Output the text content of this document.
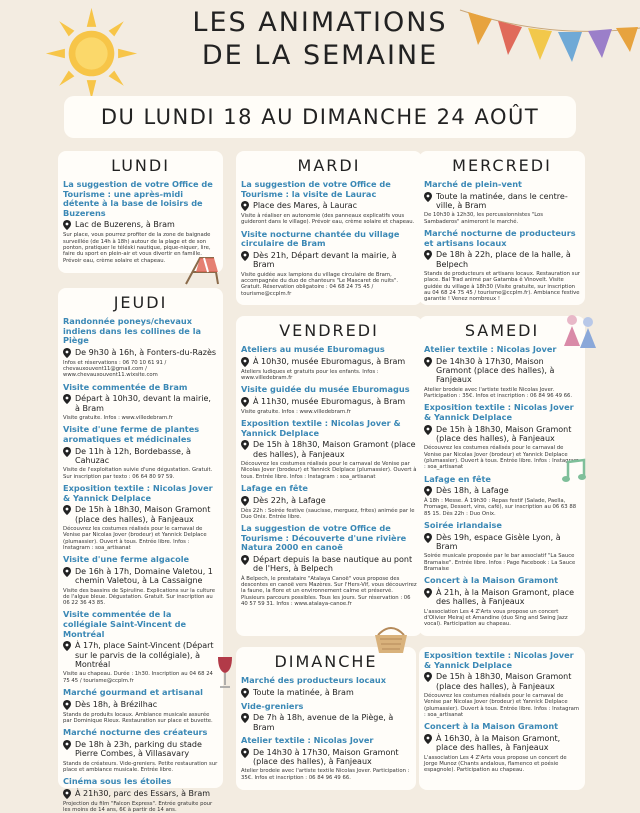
LES ANIMATIONS
DE LA SEMAINE
DU LUNDI 18 AU DIMANCHE 24 AOÛT
LUNDI
La suggestion de votre Office de Tourisme : une après-midi détente à la base de loisirs de Buzerens
Lac de Buzerens, à Bram
Sur place, vous pourrez profiter de la zone de baignade surveillée (de 14h à 18h) autour de la plage et de son ponton, pratiquer le téléski nautique, pique-niquer, lire, faire du sport en plein-air et vous divertir en famille. Prévoir eau, crème solaire et chapeau.
JEUDI
Randonnée poneys/chevaux indiens dans les collines de la Piège
De 9h30 à 16h, à Fonters-du-Razès
Infos et réservations : 06 70 10 61 91 / chevauxouvent11@gmail.com / www.chevauxouvent11.wixsite.com
Visite commentée de Bram
Départ à 10h30, devant la mairie, à Bram
Visite gratuite. Infos : www.villedebram.fr
Visite d'une ferme de plantes aromatiques et médicinales
De 11h à 12h, Bordebasse, à Cahuzac
Visite de l'exploitation suivie d'une dégustation. Gratuit. Sur inscription par texto : 06 64 80 97 59.
Exposition textile : Nicolas Jover & Yannick Delplace
De 15h à 18h30, Maison Gramont (place des halles), à Fanjeaux
Découvrez les costumes réalisés pour le carnaval de Venise par Nicolas Jover (brodeur) et Yannick Delplace (plumassier). Ouvert à tous. Entrée libre. Infos : Instagram : soa_artisanat
Visite d'une ferme algacole
De 16h à 17h, Domaine Valetou, 1 chemin Valetou, à La Cassaigne
Visite des bassins de Spiruline. Explications sur la culture de l'algue bleue. Dégustation. Gratuit. Sur inscription au 06 22 36 43 85.
Visite commentée de la collégiale Saint-Vincent de Montréal
À 17h, place Saint-Vincent (Départ sur le parvis de la collégiale), à Montréal
Visite au chapeau. Durée : 1h30. Inscription au 04 68 24 75 45 / tourisme@ccplm.fr
Marché gourmand et artisanal
Dès 18h, à Brézilhac
Stands de produits locaux. Ambiance musicale assurée par Dominique Rieux. Restauration sur place et buvette.
Marché nocturne des créateurs
De 18h à 23h, parking du stade Pierre Combes, à Villasavary
Stands de créateurs. Vide-greniers. Petite restauration sur place et ambiance musicale. Entrée libre.
Cinéma sous les étoiles
À 21h30, parc des Essars, à Bram
Projection du film "Falcon Express". Entrée gratuite pour les moins de 14 ans, 6€ à partir de 14 ans.
MARDI
La suggestion de votre Office de Tourisme : la visite de Laurac
Place des Mares, à Laurac
Visite à réaliser en autonomie (des panneaux explicatifs vous guideront dans le village). Prévoir eau, crème solaire et chapeau.
Visite nocturne chantée du village circulaire de Bram
Dès 21h, Départ devant la mairie, à Bram
Visite guidée aux lampions du village circulaire de Bram, accompagnée du duo de chanteurs "Le Mascaret de nuits". Gratuit. Réservation obligatoire : 04 68 24 75 45 / tourisme@ccplm.fr
VENDREDI
Ateliers au musée Eburomagus
À 10h30, musée Eburomagus, à Bram
Ateliers ludiques et gratuits pour les enfants. Infos : www.villedebram.fr
Visite guidée du musée Eburomagus
À 11h30, musée Eburomagus, à Bram
Visite gratuite. Infos : www.villedebram.fr
Exposition textile : Nicolas Jover & Yannick Delplace
De 15h à 18h30, Maison Gramont (place des halles), à Fanjeaux
Découvrez les costumes réalisés pour le carnaval de Venise par Nicolas Jover (brodeur) et Yannick Delplace (plumassier). Ouvert à tous. Entrée libre. Infos : Instagram : soa_artisanat
Lafage en fête
Dès 22h, à Lafage
Dès 22h : Soirée festive (saucisse, merguez, frites) animée par le Duo Onix. Entrée libre.
La suggestion de votre Office de Tourisme : Découverte d'une rivière Natura 2000 en canoë
Départ depuis la base nautique au pont de l'Hers, à Belpech
À Belpech, le prestataire "Atalaya Canoë" vous propose des descentes en canoë vers Mazères. Sur l'Hers-Vif, vous découvrirez la faune, la flore et un environnement calme et préservé. Plusieurs parcours possibles. Tous les jours. Sur réservation : 06 40 57 59 31. Infos : www.atalaya-canoe.fr
DIMANCHE
Marché des producteurs locaux
Toute la matinée, à Bram
Vide-greniers
De 7h à 18h, avenue de la Piège, à Bram
Atelier textile : Nicolas Jover
De 14h30 à 17h30, Maison Gramont (place des halles), à Fanjeaux
Atelier brodeie avec l'artiste textile Nicolas Jover. Participation : 35€. Infos et inscription : 06 84 96 49 66.
MERCREDI
Marché de plein-vent
Toute la matinée, dans le centre-ville, à Bram
De 10h30 à 12h30, les percussionnistes "Los Sambaderos" animeront le marché.
Marché nocturne de producteurs et artisans locaux
De 18h à 22h, place de la halle, à Belpech
Stands de producteurs et artisans locaux. Restauration sur place. Bal Trad animé par Gatamba ê Vinovelt. Visite guidée du village à 18h30 (Visite gratuite, sur inscription au 04 68 24 75 45 / tourisme@ccplm.fr). Ambiance festive garantie ! Venez nombreux !
SAMEDI
Atelier textile : Nicolas Jover
De 14h30 à 17h30, Maison Gramont (place des halles), à Fanjeaux
Atelier brodeie avec l'artiste textile Nicolas Jover. Participation : 35€. Infos et inscription : 06 84 96 49 66.
Exposition textile : Nicolas Jover & Yannick Delplace
De 15h à 18h30, Maison Gramont (place des halles), à Fanjeaux
Découvrez les costumes réalisés pour le carnaval de Venise par Nicolas Jover (brodeur) et Yannick Delplace (plumassier). Ouvert à tous. Entrée libre. Infos : Instagram : soa_artisanat
Lafage en fête
Dès 18h, à Lafage
À 18h : Messe. À 19h30 : Repas festif (Salade, Paella, Fromage, Dessert, vins, café), sur inscription au 06 63 88 85 15. Dès 22h : Duo Onix.
Soirée irlandaise
Dès 19h, espace Gisèle Lyon, à Bram
Soirée musicale proposée par le bar associatif "La Sauce Bramaise". Entrée libre. Infos : Page Facebook : La Sauce Bramaise
Concert à la Maison Gramont
À 21h, à la Maison Gramont, place des halles, à Fanjeaux
L'association Les 4 Z'Arts vous propose un concert d'Olivier Meiraj et Amandine (duo Sing and Swing Jazz vocal). Participation au chapeau.
Exposition textile : Nicolas Jover & Yannick Delplace
De 15h à 18h30, Maison Gramont (place des halles), à Fanjeaux
Découvrez les costumes réalisés pour le carnaval de Venise par Nicolas Jover (brodeur) et Yannick Delplace (plumassier). Ouvert à tous. Entrée libre. Infos : Instagram : soa_artisanat
Concert à la Maison Gramont
À 16h30, à la Maison Gramont, place des halles, à Fanjeaux
L'association Les 4 Z'Arts vous propose un concert de Jorge Munoz (Chants andalous, flamenco et poésie espagnole). Participation au chapeau.
